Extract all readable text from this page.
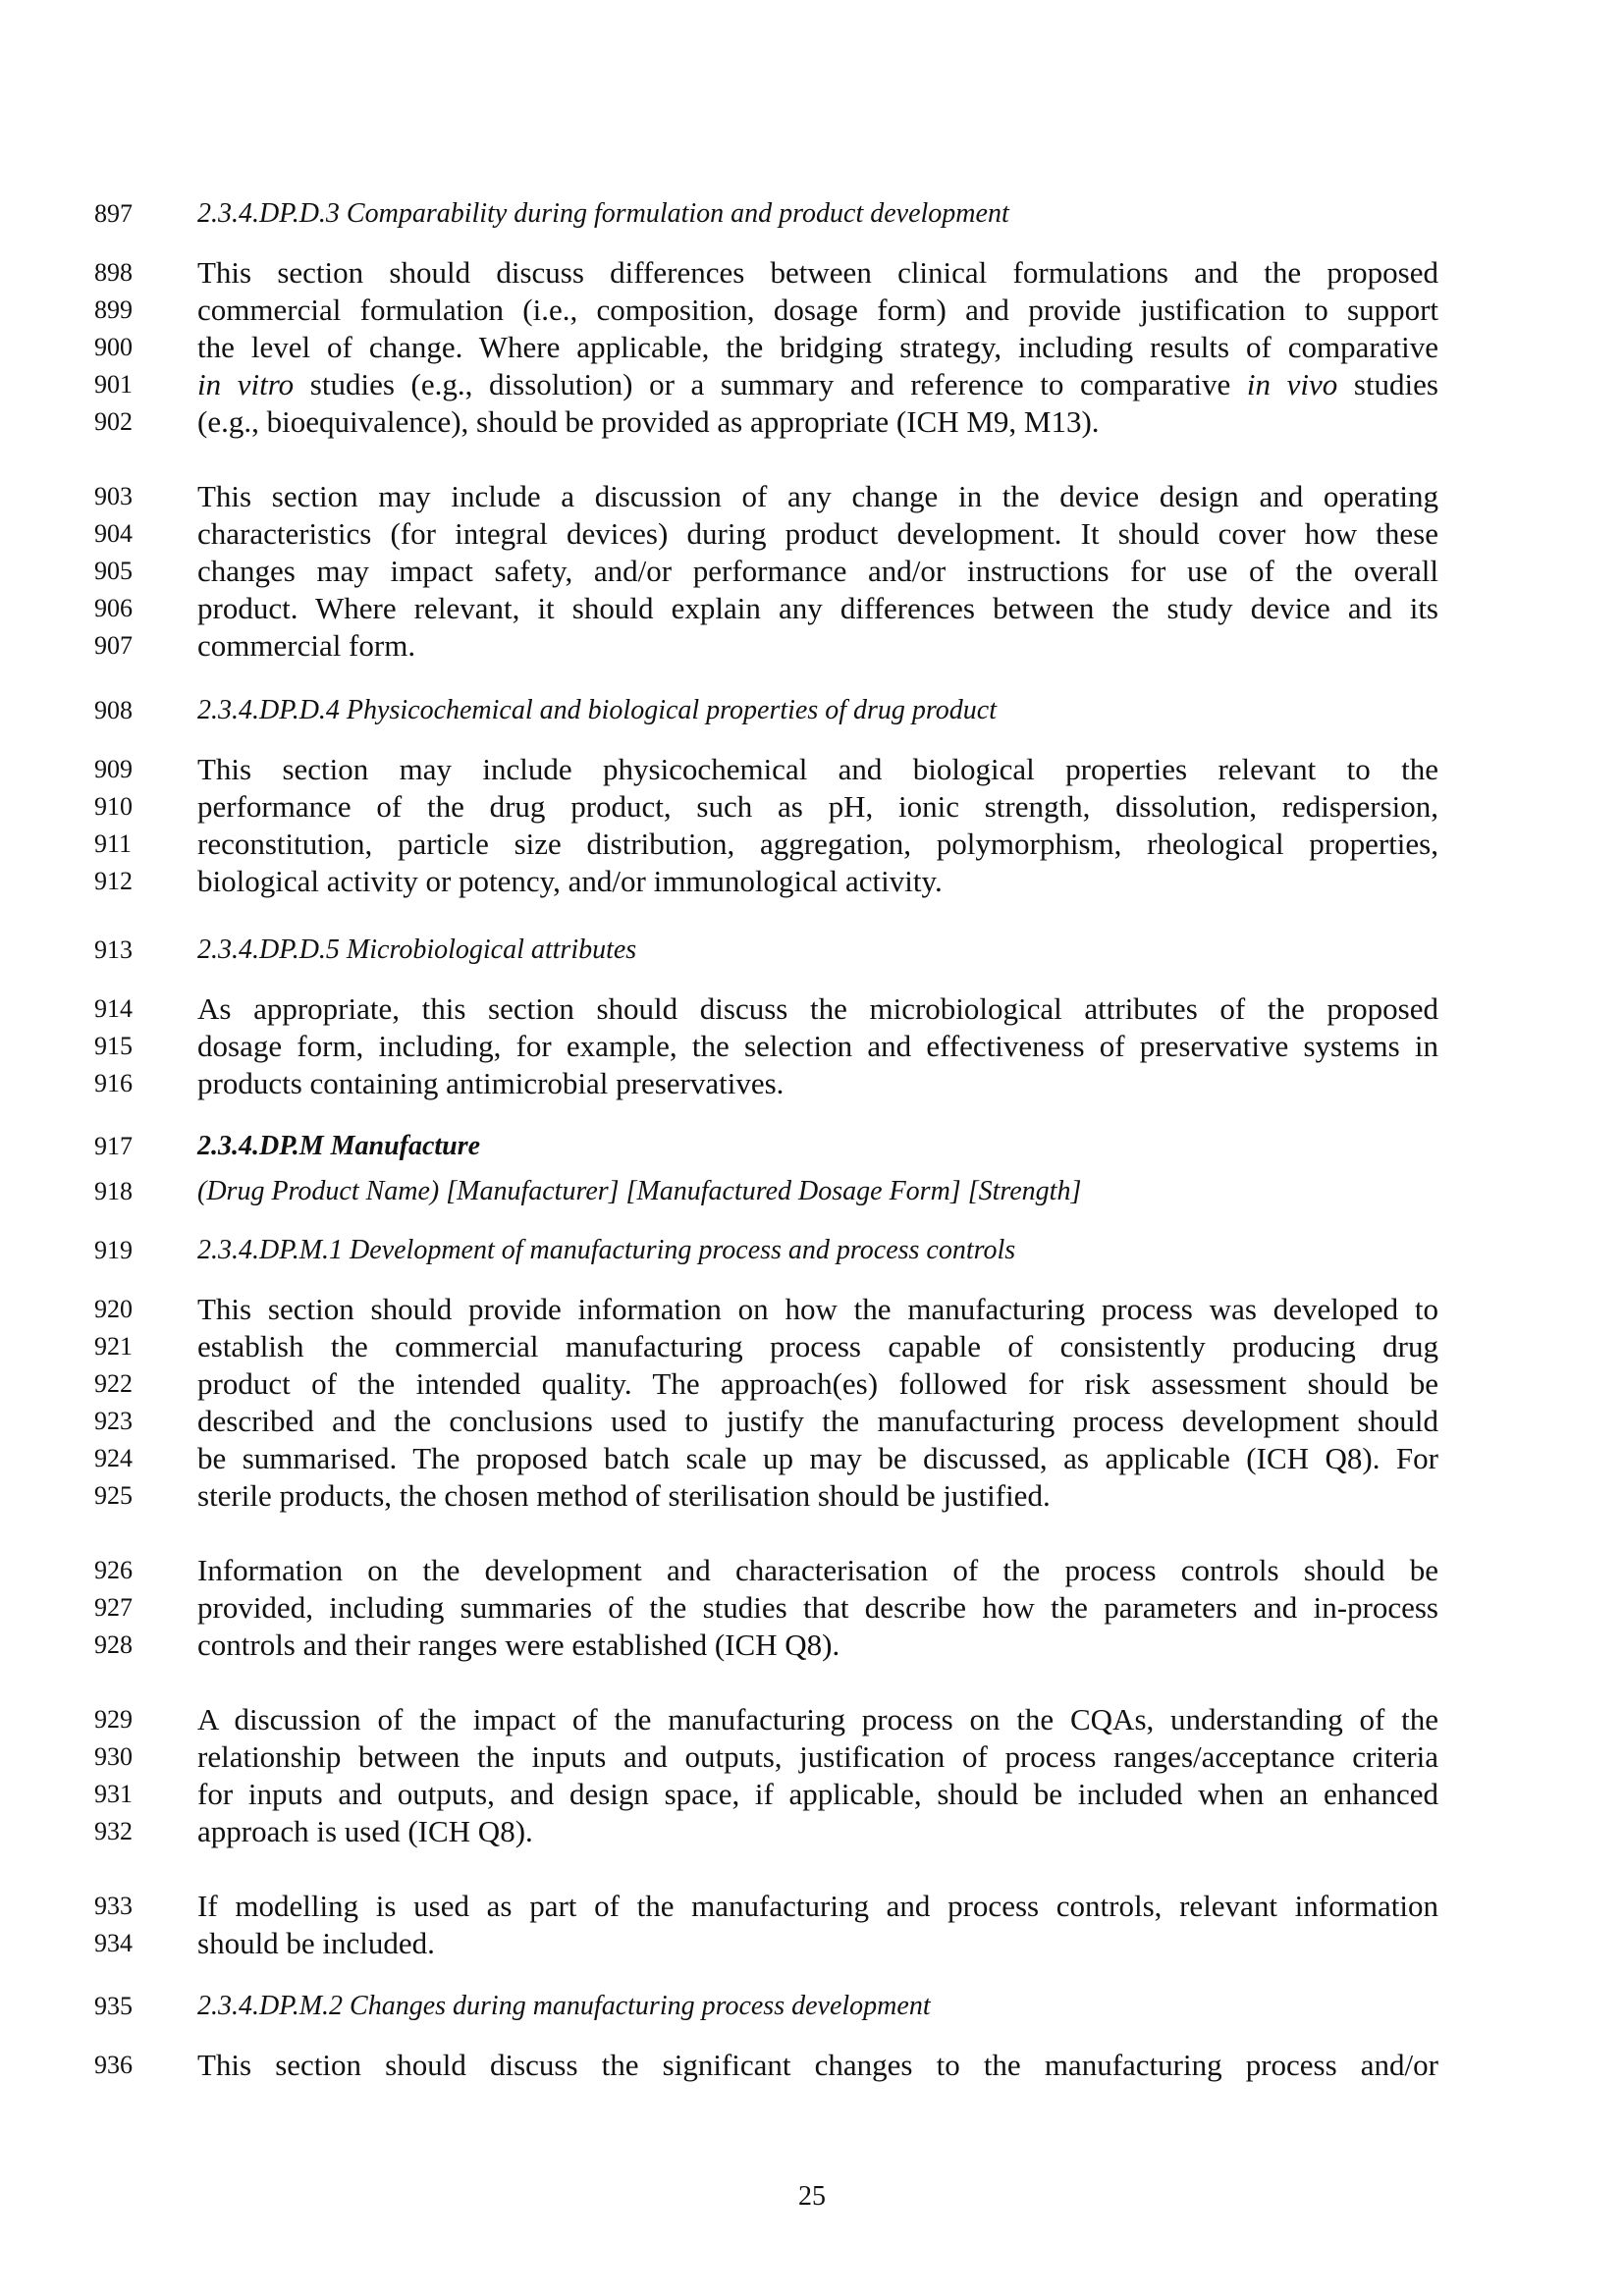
897	2.3.4.DP.D.3 Comparability during formulation and product development
898	This section should discuss differences between clinical formulations and the proposed
899	commercial formulation (i.e., composition, dosage form) and provide justification to support
900	the level of change. Where applicable, the bridging strategy, including results of comparative
901	in vitro studies (e.g., dissolution) or a summary and reference to comparative in vivo studies
902	(e.g., bioequivalence), should be provided as appropriate (ICH M9, M13).
903	This section may include a discussion of any change in the device design and operating
904	characteristics (for integral devices) during product development. It should cover how these
905	changes may impact safety, and/or performance and/or instructions for use of the overall
906	product. Where relevant, it should explain any differences between the study device and its
907	commercial form.
908	2.3.4.DP.D.4 Physicochemical and biological properties of drug product
909	This section may include physicochemical and biological properties relevant to the
910	performance of the drug product, such as pH, ionic strength, dissolution, redispersion,
911	reconstitution, particle size distribution, aggregation, polymorphism, rheological properties,
912	biological activity or potency, and/or immunological activity.
913	2.3.4.DP.D.5 Microbiological attributes
914	As appropriate, this section should discuss the microbiological attributes of the proposed
915	dosage form, including, for example, the selection and effectiveness of preservative systems in
916	products containing antimicrobial preservatives.
917	2.3.4.DP.M Manufacture
918	(Drug Product Name) [Manufacturer] [Manufactured Dosage Form] [Strength]
919	2.3.4.DP.M.1 Development of manufacturing process and process controls
920	This section should provide information on how the manufacturing process was developed to
921	establish the commercial manufacturing process capable of consistently producing drug
922	product of the intended quality. The approach(es) followed for risk assessment should be
923	described and the conclusions used to justify the manufacturing process development should
924	be summarised. The proposed batch scale up may be discussed, as applicable (ICH Q8). For
925	sterile products, the chosen method of sterilisation should be justified.
926	Information on the development and characterisation of the process controls should be
927	provided, including summaries of the studies that describe how the parameters and in-process
928	controls and their ranges were established (ICH Q8).
929	A discussion of the impact of the manufacturing process on the CQAs, understanding of the
930	relationship between the inputs and outputs, justification of process ranges/acceptance criteria
931	for inputs and outputs, and design space, if applicable, should be included when an enhanced
932	approach is used (ICH Q8).
933	If modelling is used as part of the manufacturing and process controls, relevant information
934	should be included.
935	2.3.4.DP.M.2 Changes during manufacturing process development
936	This section should discuss the significant changes to the manufacturing process and/or
25
